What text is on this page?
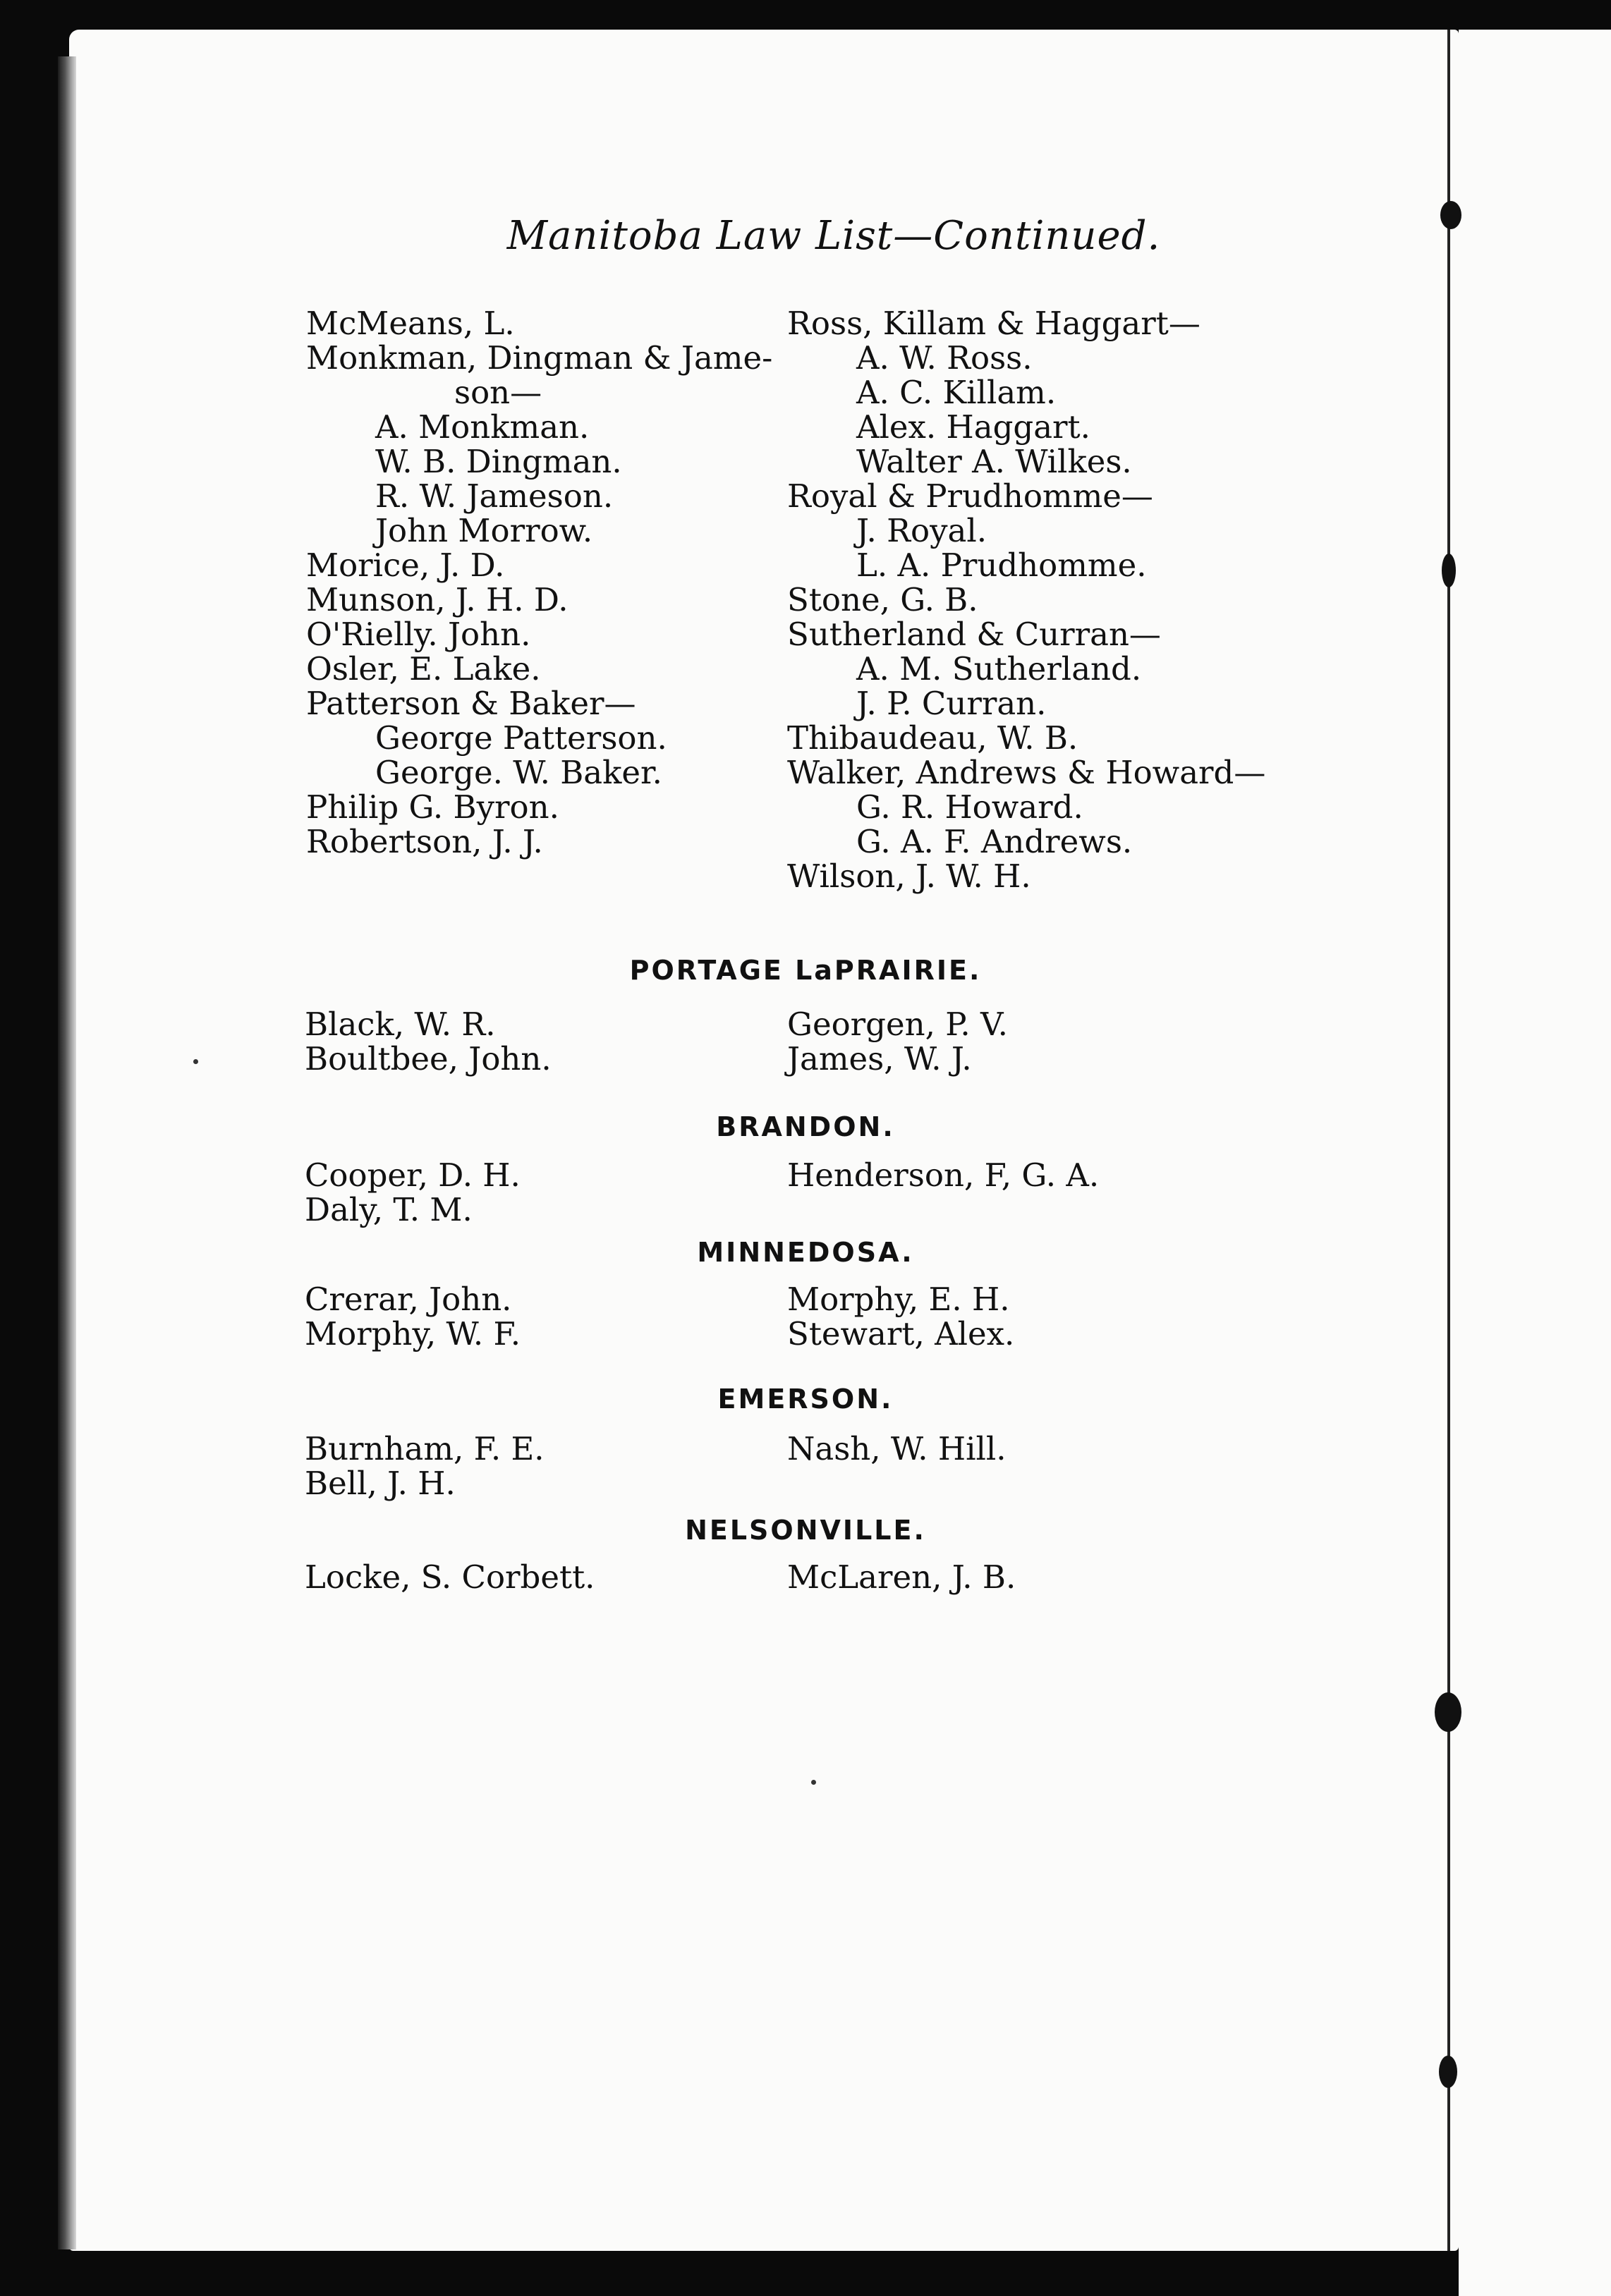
Manitoba Law List—Continued.
McMeans, L.
Monkman, Dingman & Jame-
son—
A. Monkman.
W. B. Dingman.
R. W. Jameson.
John Morrow.
Morice, J. D.
Munson, J. H. D.
O'Rielly. John.
Osler, E. Lake.
Patterson & Baker—
George Patterson.
George. W. Baker.
Philip G. Byron.
Robertson, J. J.
Ross, Killam & Haggart—
A. W. Ross.
A. C. Killam.
Alex. Haggart.
Walter A. Wilkes.
Royal & Prudhomme—
J. Royal.
L. A. Prudhomme.
Stone, G. B.
Sutherland & Curran—
A. M. Sutherland.
J. P. Curran.
Thibaudeau, W. B.
Walker, Andrews & Howard—
G. R. Howard.
G. A. F. Andrews.
Wilson, J. W. H.
PORTAGE LaPRAIRIE.
Black, W. R.
Boultbee, John.
Georgen, P. V.
James, W. J.
BRANDON.
Cooper, D. H.
Daly, T. M.
Henderson, F, G. A.
MINNEDOSA.
Crerar, John.
Morphy, W. F.
Morphy, E. H.
Stewart, Alex.
EMERSON.
Burnham, F. E.
Bell, J. H.
Nash, W. Hill.
NELSONVILLE.
Locke, S. Corbett.	McLaren, J. B.
